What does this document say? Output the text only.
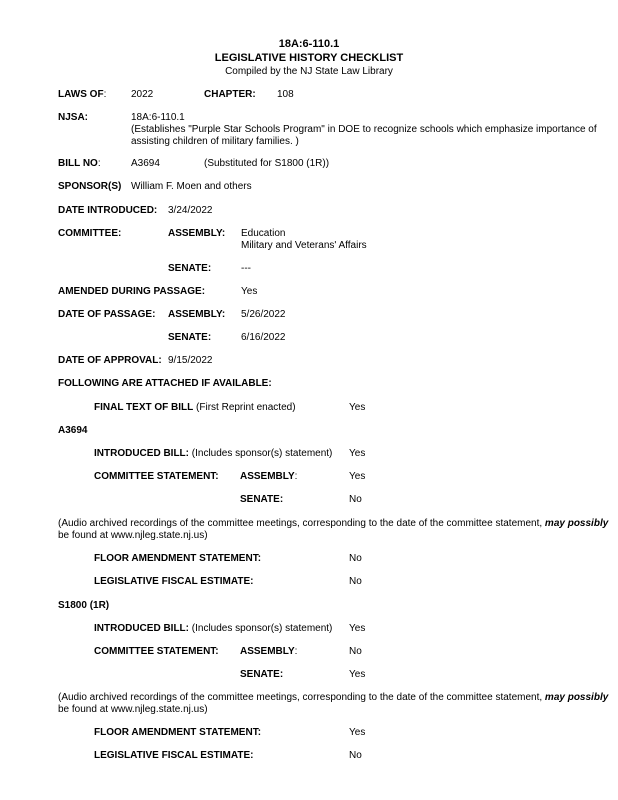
18A:6-110.1
LEGISLATIVE HISTORY CHECKLIST
Compiled by the NJ State Law Library
LAWS OF: 2022	CHAPTER: 108
NJSA:	18A:6-110.1
(Establishes "Purple Star Schools Program" in DOE to recognize schools which emphasize importance of assisting children of military families. )
BILL NO:	A3694	(Substituted for S1800 (1R))
SPONSOR(S) William F. Moen and others
DATE INTRODUCED: 3/24/2022
COMMITTEE:	ASSEMBLY: Education
Military and Veterans' Affairs
SENATE:	---
AMENDED DURING PASSAGE:	Yes
DATE OF PASSAGE: ASSEMBLY: 5/26/2022
SENATE:	6/16/2022
DATE OF APPROVAL: 9/15/2022
FOLLOWING ARE ATTACHED IF AVAILABLE:
FINAL TEXT OF BILL (First Reprint enacted)	Yes
A3694
INTRODUCED BILL: (Includes sponsor(s) statement) Yes
COMMITTEE STATEMENT: ASSEMBLY:	Yes
SENATE:	No
(Audio archived recordings of the committee meetings, corresponding to the date of the committee statement, may possibly
be found at www.njleg.state.nj.us)
FLOOR AMENDMENT STATEMENT:	No
LEGISLATIVE FISCAL ESTIMATE:	No
S1800 (1R)
INTRODUCED BILL: (Includes sponsor(s) statement) Yes
COMMITTEE STATEMENT: ASSEMBLY:	No
SENATE:	Yes
(Audio archived recordings of the committee meetings, corresponding to the date of the committee statement, may possibly
be found at www.njleg.state.nj.us)
FLOOR AMENDMENT STATEMENT:	Yes
LEGISLATIVE FISCAL ESTIMATE:	No
